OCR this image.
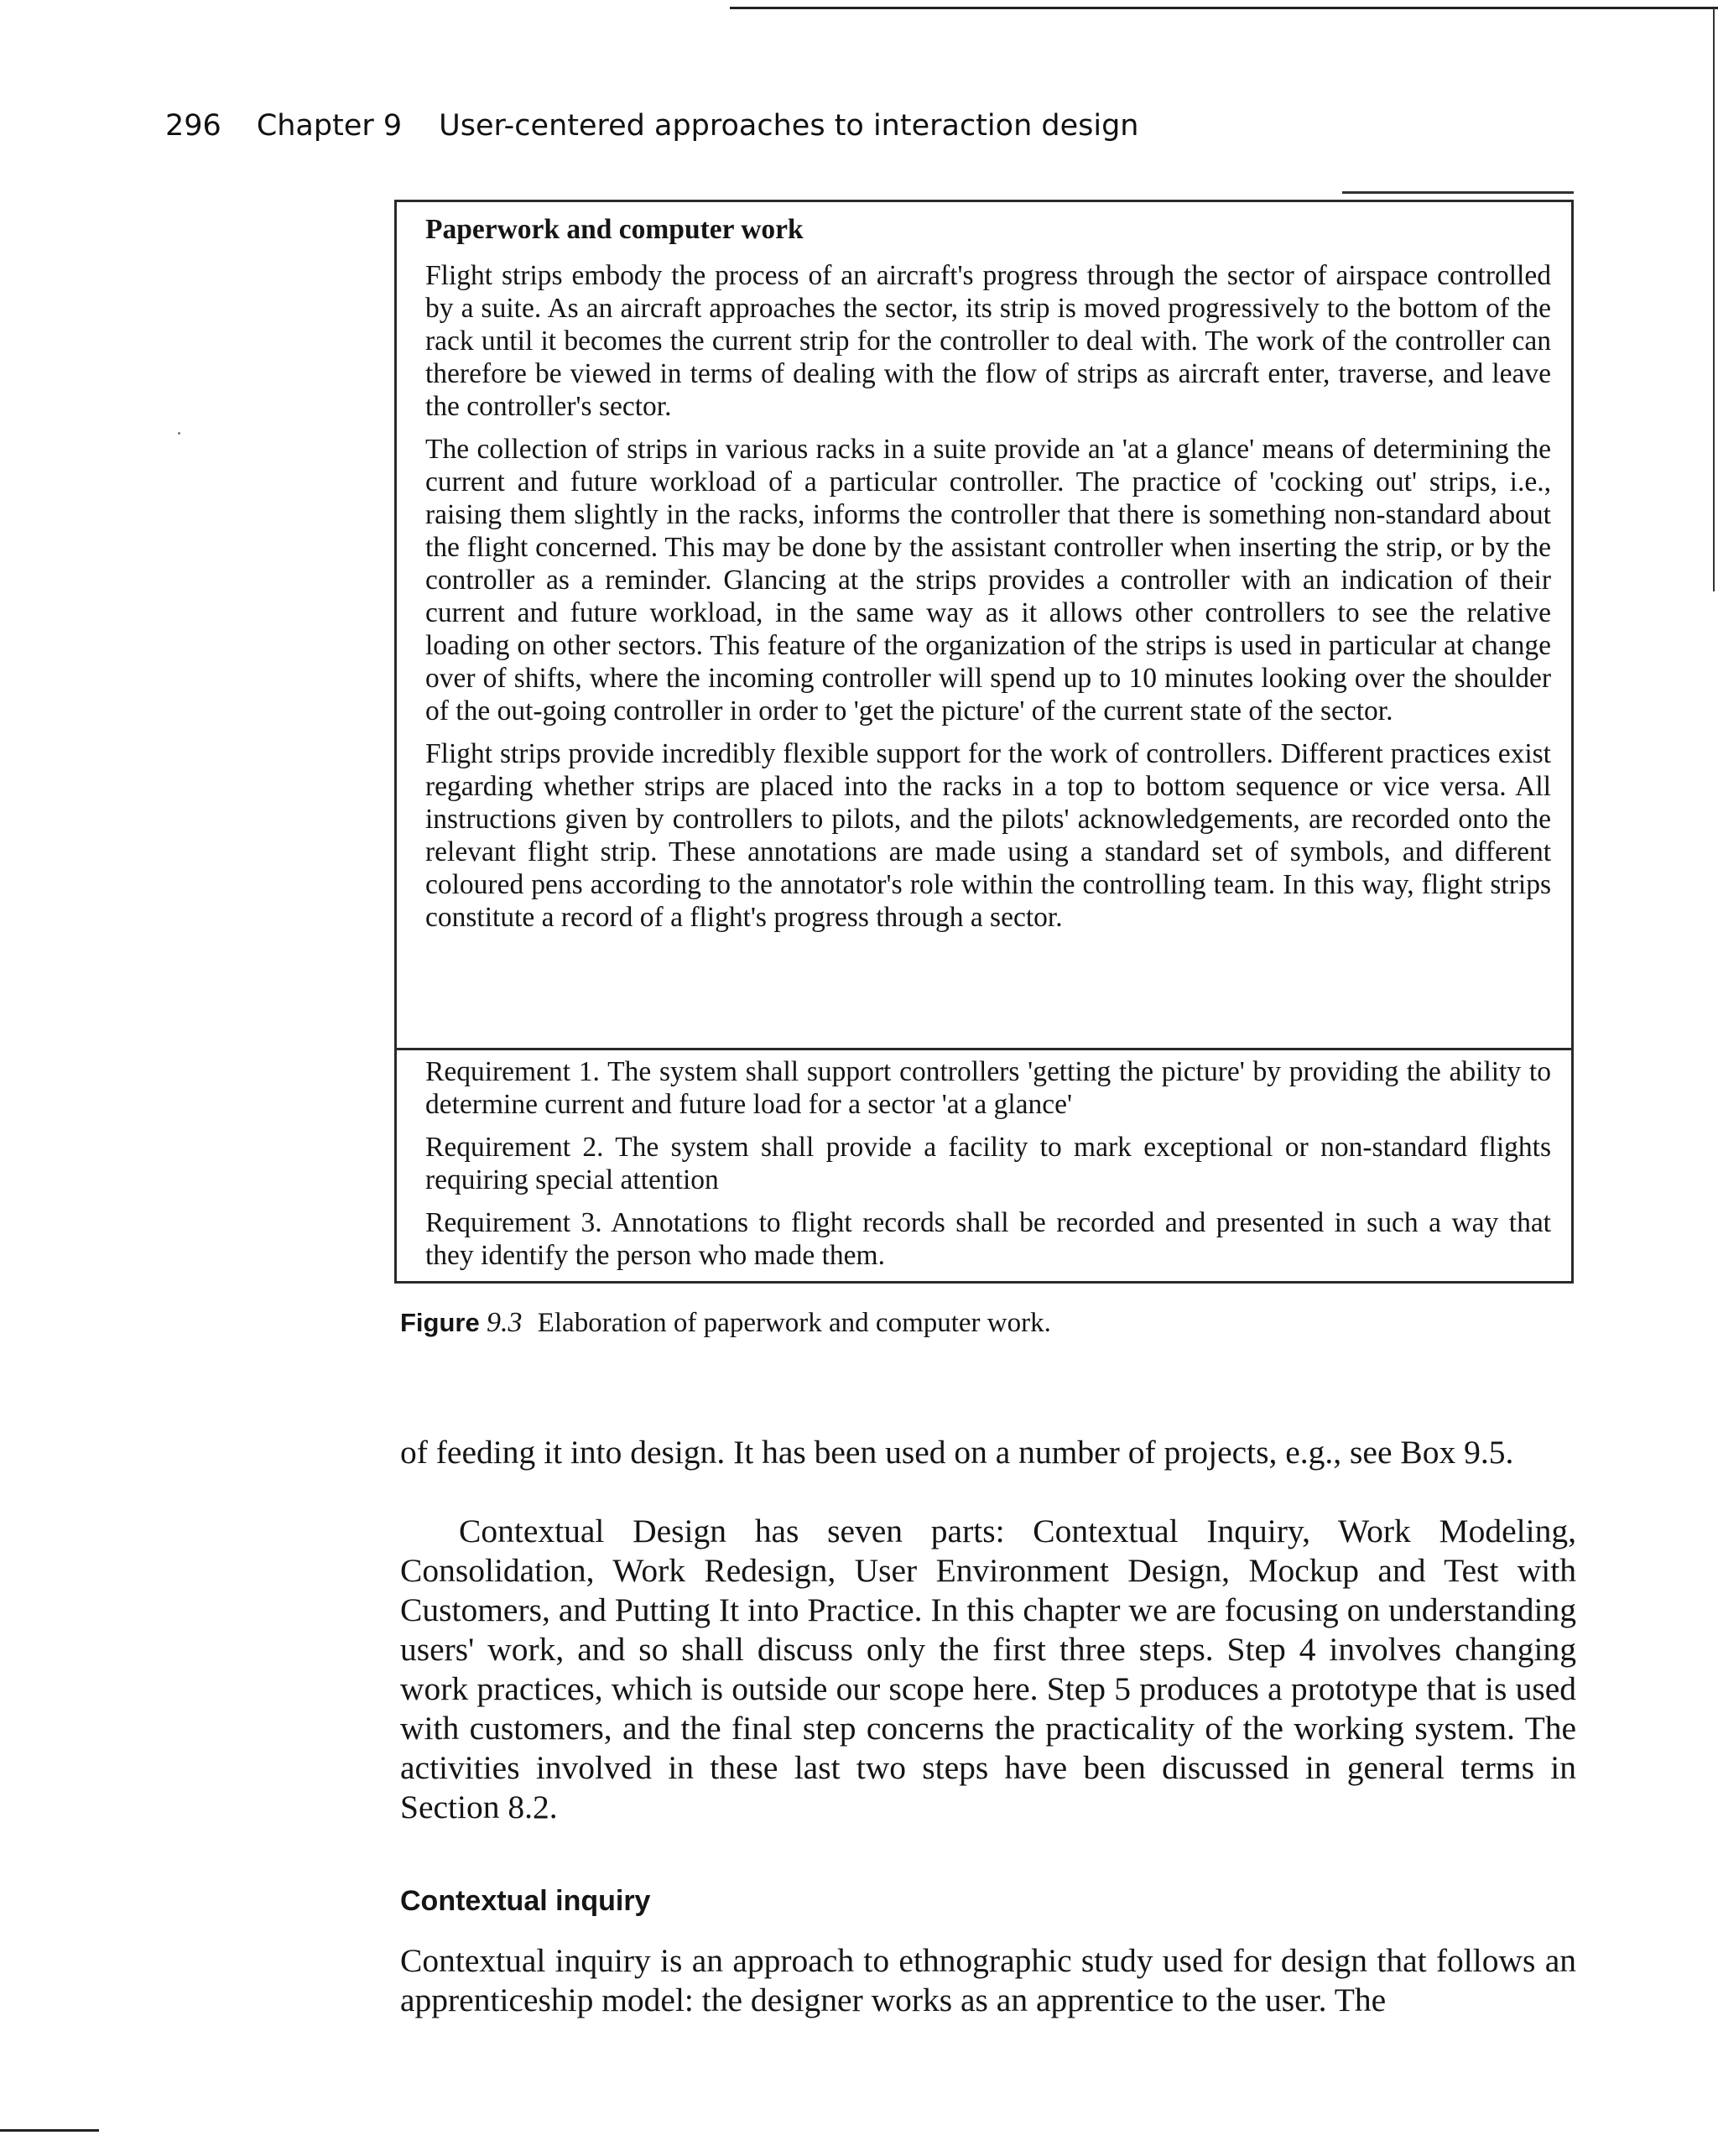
296 Chapter 9 User-centered approaches to interaction design

Paperwork and computer work

Flight strips embody the process of an aircraft's progress through the sector of airspace controlled by a suite. As an aircraft approaches the sector, its strip is moved progressively to the bottom of the rack until it becomes the current strip for the controller to deal with. The work of the controller can therefore be viewed in terms of dealing with the flow of strips as aircraft enter, traverse, and leave the controller's sector.

The collection of strips in various racks in a suite provide an 'at a glance' means of determining the current and future workload of a particular controller. The practice of 'cocking out' strips, i.e., raising them slightly in the racks, informs the controller that there is something non-standard about the flight concerned. This may be done by the assistant controller when inserting the strip, or by the controller as a reminder. Glancing at the strips provides a controller with an indication of their current and future workload, in the same way as it allows other controllers to see the relative loading on other sectors. This feature of the organization of the strips is used in particular at change over of shifts, where the incoming controller will spend up to 10 minutes looking over the shoulder of the out-going controller in order to 'get the picture' of the current state of the sector.

Flight strips provide incredibly flexible support for the work of controllers. Different practices exist regarding whether strips are placed into the racks in a top to bottom sequence or vice versa. All instructions given by controllers to pilots, and the pilots' acknowledgements, are recorded onto the relevant flight strip. These annotations are made using a standard set of symbols, and different coloured pens according to the annotator's role within the controlling team. In this way, flight strips constitute a record of a flight's progress through a sector.

Requirement 1. The system shall support controllers 'getting the picture' by providing the ability to determine current and future load for a sector 'at a glance'

Requirement 2. The system shall provide a facility to mark exceptional or non-standard flights requiring special attention

Requirement 3. Annotations to flight records shall be recorded and presented in such a way that they identify the person who made them.

Figure 9.3 Elaboration of paperwork and computer work.

of feeding it into design. It has been used on a number of projects, e.g., see Box 9.5.

Contextual Design has seven parts: Contextual Inquiry, Work Modeling, Consolidation, Work Redesign, User Environment Design, Mockup and Test with Customers, and Putting It into Practice. In this chapter we are focusing on understanding users' work, and so shall discuss only the first three steps. Step 4 involves changing work practices, which is outside our scope here. Step 5 produces a prototype that is used with customers, and the final step concerns the practicality of the working system. The activities involved in these last two steps have been discussed in general terms in Section 8.2.

Contextual inquiry

Contextual inquiry is an approach to ethnographic study used for design that follows an apprenticeship model: the designer works as an apprentice to the user. The
